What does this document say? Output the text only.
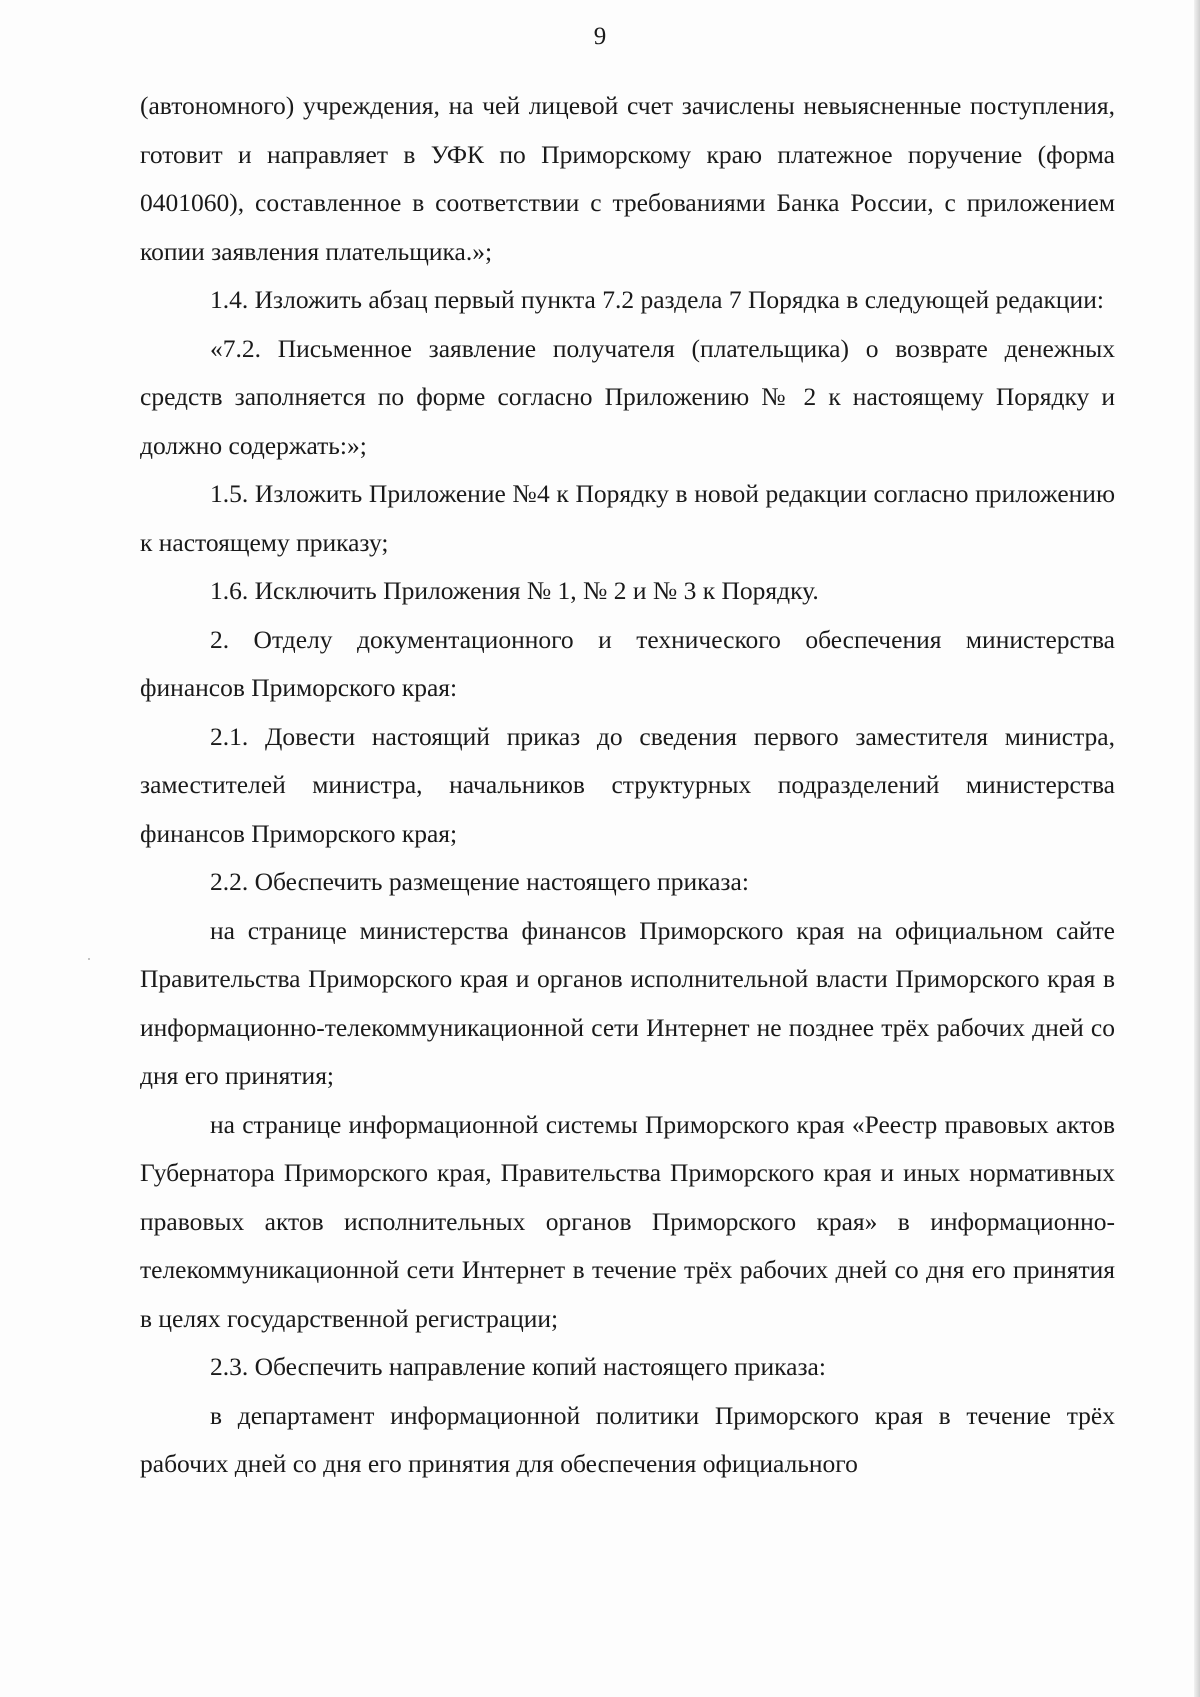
9

(автономного) учреждения, на чей лицевой счет зачислены невыясненные поступления, готовит и направляет в УФК по Приморскому краю платежное поручение (форма 0401060), составленное в соответствии с требованиями Банка России, с приложением копии заявления плательщика.»;

1.4. Изложить абзац первый пункта 7.2 раздела 7 Порядка в следующей редакции:

«7.2. Письменное заявление получателя (плательщика) о возврате денежных средств заполняется по форме согласно Приложению № 2 к настоящему Порядку и должно содержать:»;

1.5. Изложить Приложение №4 к Порядку в новой редакции согласно приложению к настоящему приказу;

1.6. Исключить Приложения № 1, № 2 и № 3 к Порядку.

2. Отделу документационного и технического обеспечения министерства финансов Приморского края:

2.1. Довести настоящий приказ до сведения первого заместителя министра, заместителей министра, начальников структурных подразделений министерства финансов Приморского края;

2.2. Обеспечить размещение настоящего приказа:

на странице министерства финансов Приморского края на официальном сайте Правительства Приморского края и органов исполнительной власти Приморского края в информационно-телекоммуникационной сети Интернет не позднее трёх рабочих дней со дня его принятия;

на странице информационной системы Приморского края «Реестр правовых актов Губернатора Приморского края, Правительства Приморского края и иных нормативных правовых актов исполнительных органов Приморского края» в информационно-телекоммуникационной сети Интернет в течение трёх рабочих дней со дня его принятия в целях государственной регистрации;

2.3. Обеспечить направление копий настоящего приказа:

в департамент информационной политики Приморского края в течение трёх рабочих дней со дня его принятия для обеспечения официального
